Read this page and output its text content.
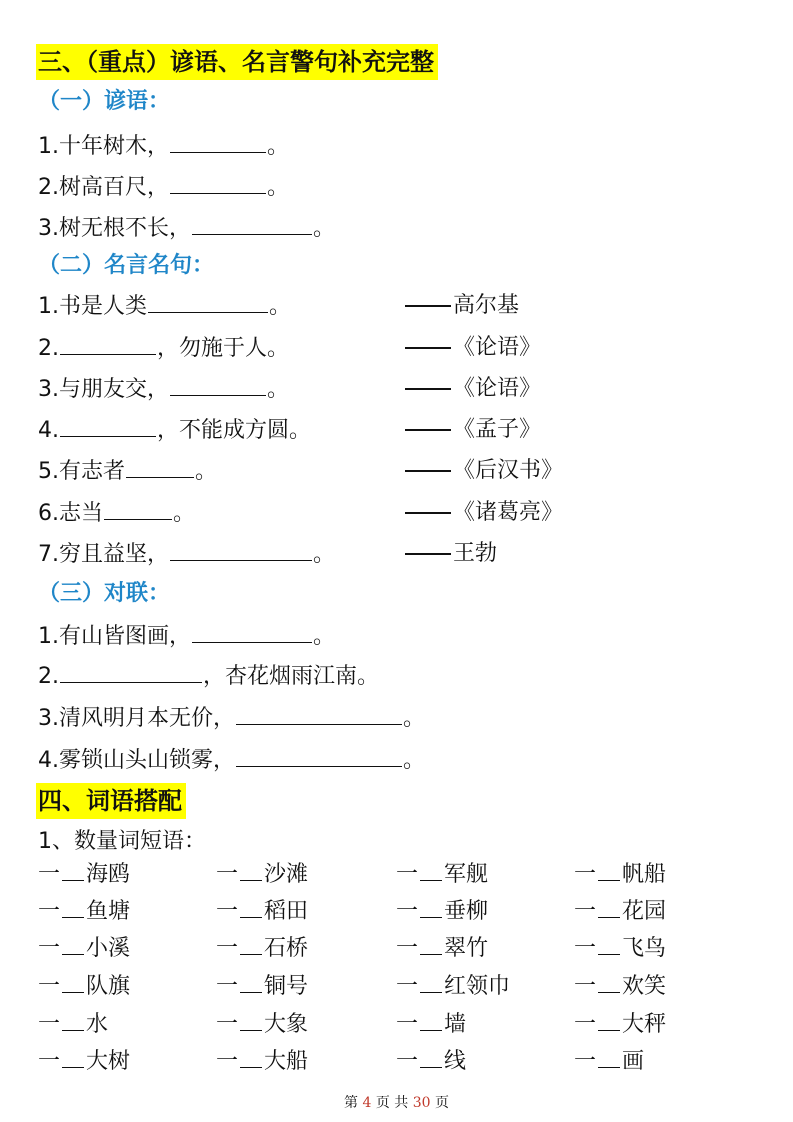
三、（重点）谚语、名言警句补充完整
（一）谚语：
1.十年树木，	。
2.树高百尺，	。
3.树无根不长，	。
（二）名言名句：
1.书是人类	。	高尔基
2.	，勿施于人。	《论语》
3.与朋友交，	。	《论语》
4.	，不能成方圆。	《孟子》
5.有志者	。	《后汉书》
6.志当	。	《诸葛亮》
7.穷且益坚，	。	王勃
（三）对联：
1.有山皆图画，	。
2.	，杏花烟雨江南。
3.清风明月本无价，	。
4.雾锁山头山锁雾，	。
四、词语搭配
1、数量词短语：
一 海鸥	一 沙滩	一 军舰	一 帆船
一 鱼塘	一 稻田	一 垂柳	一 花园
一 小溪	一 石桥	一 翠竹	一 飞鸟
一 队旗	一 铜号	一 红领巾	一 欢笑
一 水	一 大象	一 墙	一 大秤
一 大树	一 大船	一 线	一 画
第 4 页 共 30 页
